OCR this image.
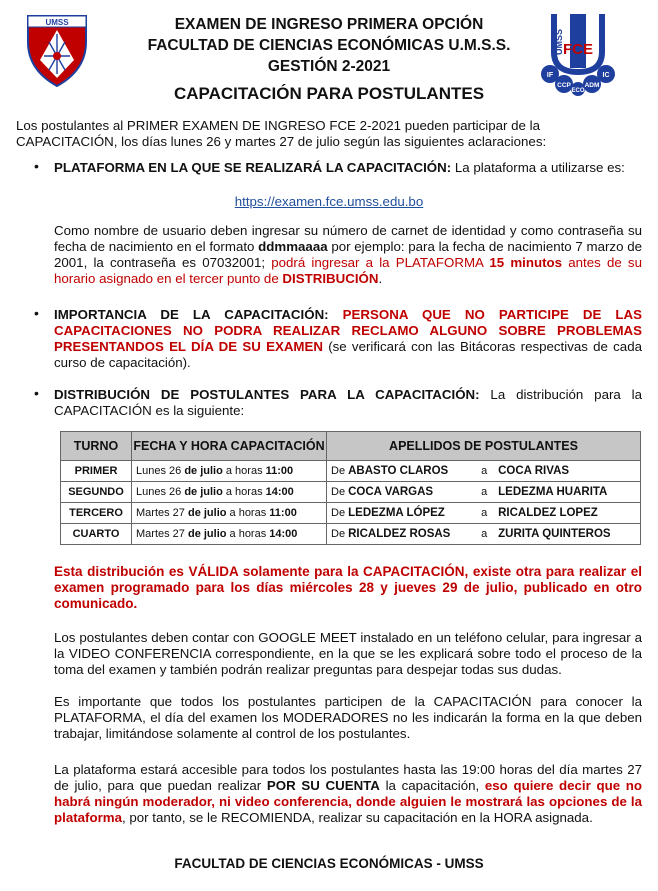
UMSS	EXAMEN DE INGRESO PRIMERA OPCIÓN
FACULTAD DE CIENCIAS ECONÓMICAS U.M.S.S.
GESTIÓN 2-2021
CAPACITACIÓN PARA POSTULANTES
UMSS FCE
IF	IC
CCP ADM
ECO
Los postulantes al PRIMER EXAMEN DE INGRESO FCE 2-2021 pueden participar de la CAPACITACIÓN, los días lunes 26 y martes 27 de julio según las siguientes aclaraciones:
• PLATAFORMA EN LA QUE SE REALIZARÁ LA CAPACITACIÓN: La plataforma a utilizarse es:
https://examen.fce.umss.edu.bo
Como nombre de usuario deben ingresar su número de carnet de identidad y como contraseña su fecha de nacimiento en el formato ddmmaaaa por ejemplo: para la fecha de nacimiento 7 marzo de 2001, la contraseña es 07032001; podrá ingresar a la PLATAFORMA 15 minutos antes de su horario asignado en el tercer punto de DISTRIBUCIÓN.
• IMPORTANCIA DE LA CAPACITACIÓN: PERSONA QUE NO PARTICIPE DE LAS CAPACITACIONES NO PODRA REALIZAR RECLAMO ALGUNO SOBRE PROBLEMAS PRESENTANDOS EL DÍA DE SU EXAMEN (se verificará con las Bitácoras respectivas de cada curso de capacitación).
• DISTRIBUCIÓN DE POSTULANTES PARA LA CAPACITACIÓN: La distribución para la CAPACITACIÓN es la siguiente:
TURNO	FECHA Y HORA CAPACITACIÓN	APELLIDOS DE POSTULANTES
PRIMER	Lunes 26 de julio a horas 11:00	De ABASTO CLAROS a COCA RIVAS
SEGUNDO	Lunes 26 de julio a horas 14:00	De COCA VARGAS a LEDEZMA HUARITA
TERCERO	Martes 27 de julio a horas 11:00	De LEDEZMA LÓPEZ a RICALDEZ LOPEZ
CUARTO	Martes 27 de julio a horas 14:00	De RICALDEZ ROSAS a ZURITA QUINTEROS
Esta distribución es VÁLIDA solamente para la CAPACITACIÓN, existe otra para realizar el examen programado para los días miércoles 28 y jueves 29 de julio, publicado en otro comunicado.
Los postulantes deben contar con GOOGLE MEET instalado en un teléfono celular, para ingresar a la VIDEO CONFERENCIA correspondiente, en la que se les explicará sobre todo el proceso de la toma del examen y también podrán realizar preguntas para despejar todas sus dudas.
Es importante que todos los postulantes participen de la CAPACITACIÓN para conocer la PLATAFORMA, el día del examen los MODERADORES no les indicarán la forma en la que deben trabajar, limitándose solamente al control de los postulantes.
La plataforma estará accesible para todos los postulantes hasta las 19:00 horas del día martes 27 de julio, para que puedan realizar POR SU CUENTA la capacitación, eso quiere decir que no habrá ningún moderador, ni video conferencia, donde alguien le mostrará las opciones de la plataforma, por tanto, se le RECOMIENDA, realizar su capacitación en la HORA asignada.
FACULTAD DE CIENCIAS ECONÓMICAS - UMSS
